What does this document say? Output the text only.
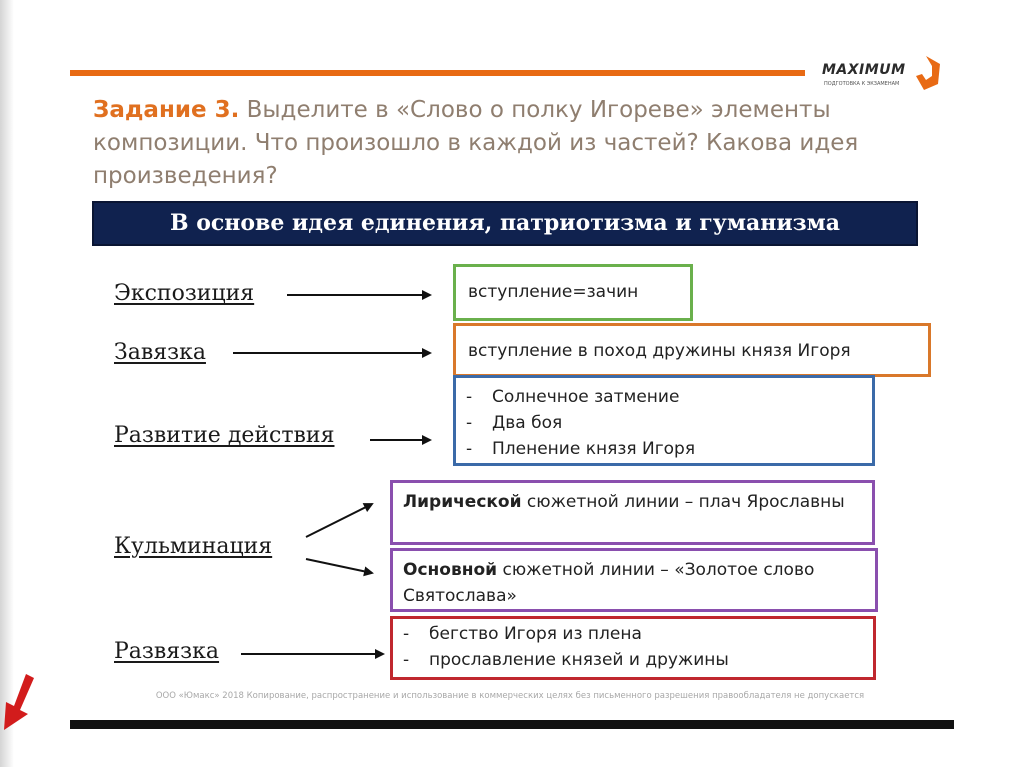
MAXIMUM
ПОДГОТОВКА К ЭКЗАМЕНАМ
Задание 3. Выделите в «Слово о полку Игореве» элементы композиции. Что произошло в каждой из частей? Какова идея произведения?
В основе идея единения, патриотизма и гуманизма
Экспозиция
Завязка
Развитие действия
Кульминация
Развязка
вступление=зачин
вступление в поход дружины князя Игоря
- Солнечное затмение
- Два боя
- Пленение князя Игоря
Лирической сюжетной линии – плач Ярославны
Основной сюжетной линии – «Золотое слово Святослава»
- бегство Игоря из плена
- прославление князей и дружины
ООО «Юмакс» 2018 Копирование, распространение и использование в коммерческих целях без письменного разрешения правообладателя не допускается
